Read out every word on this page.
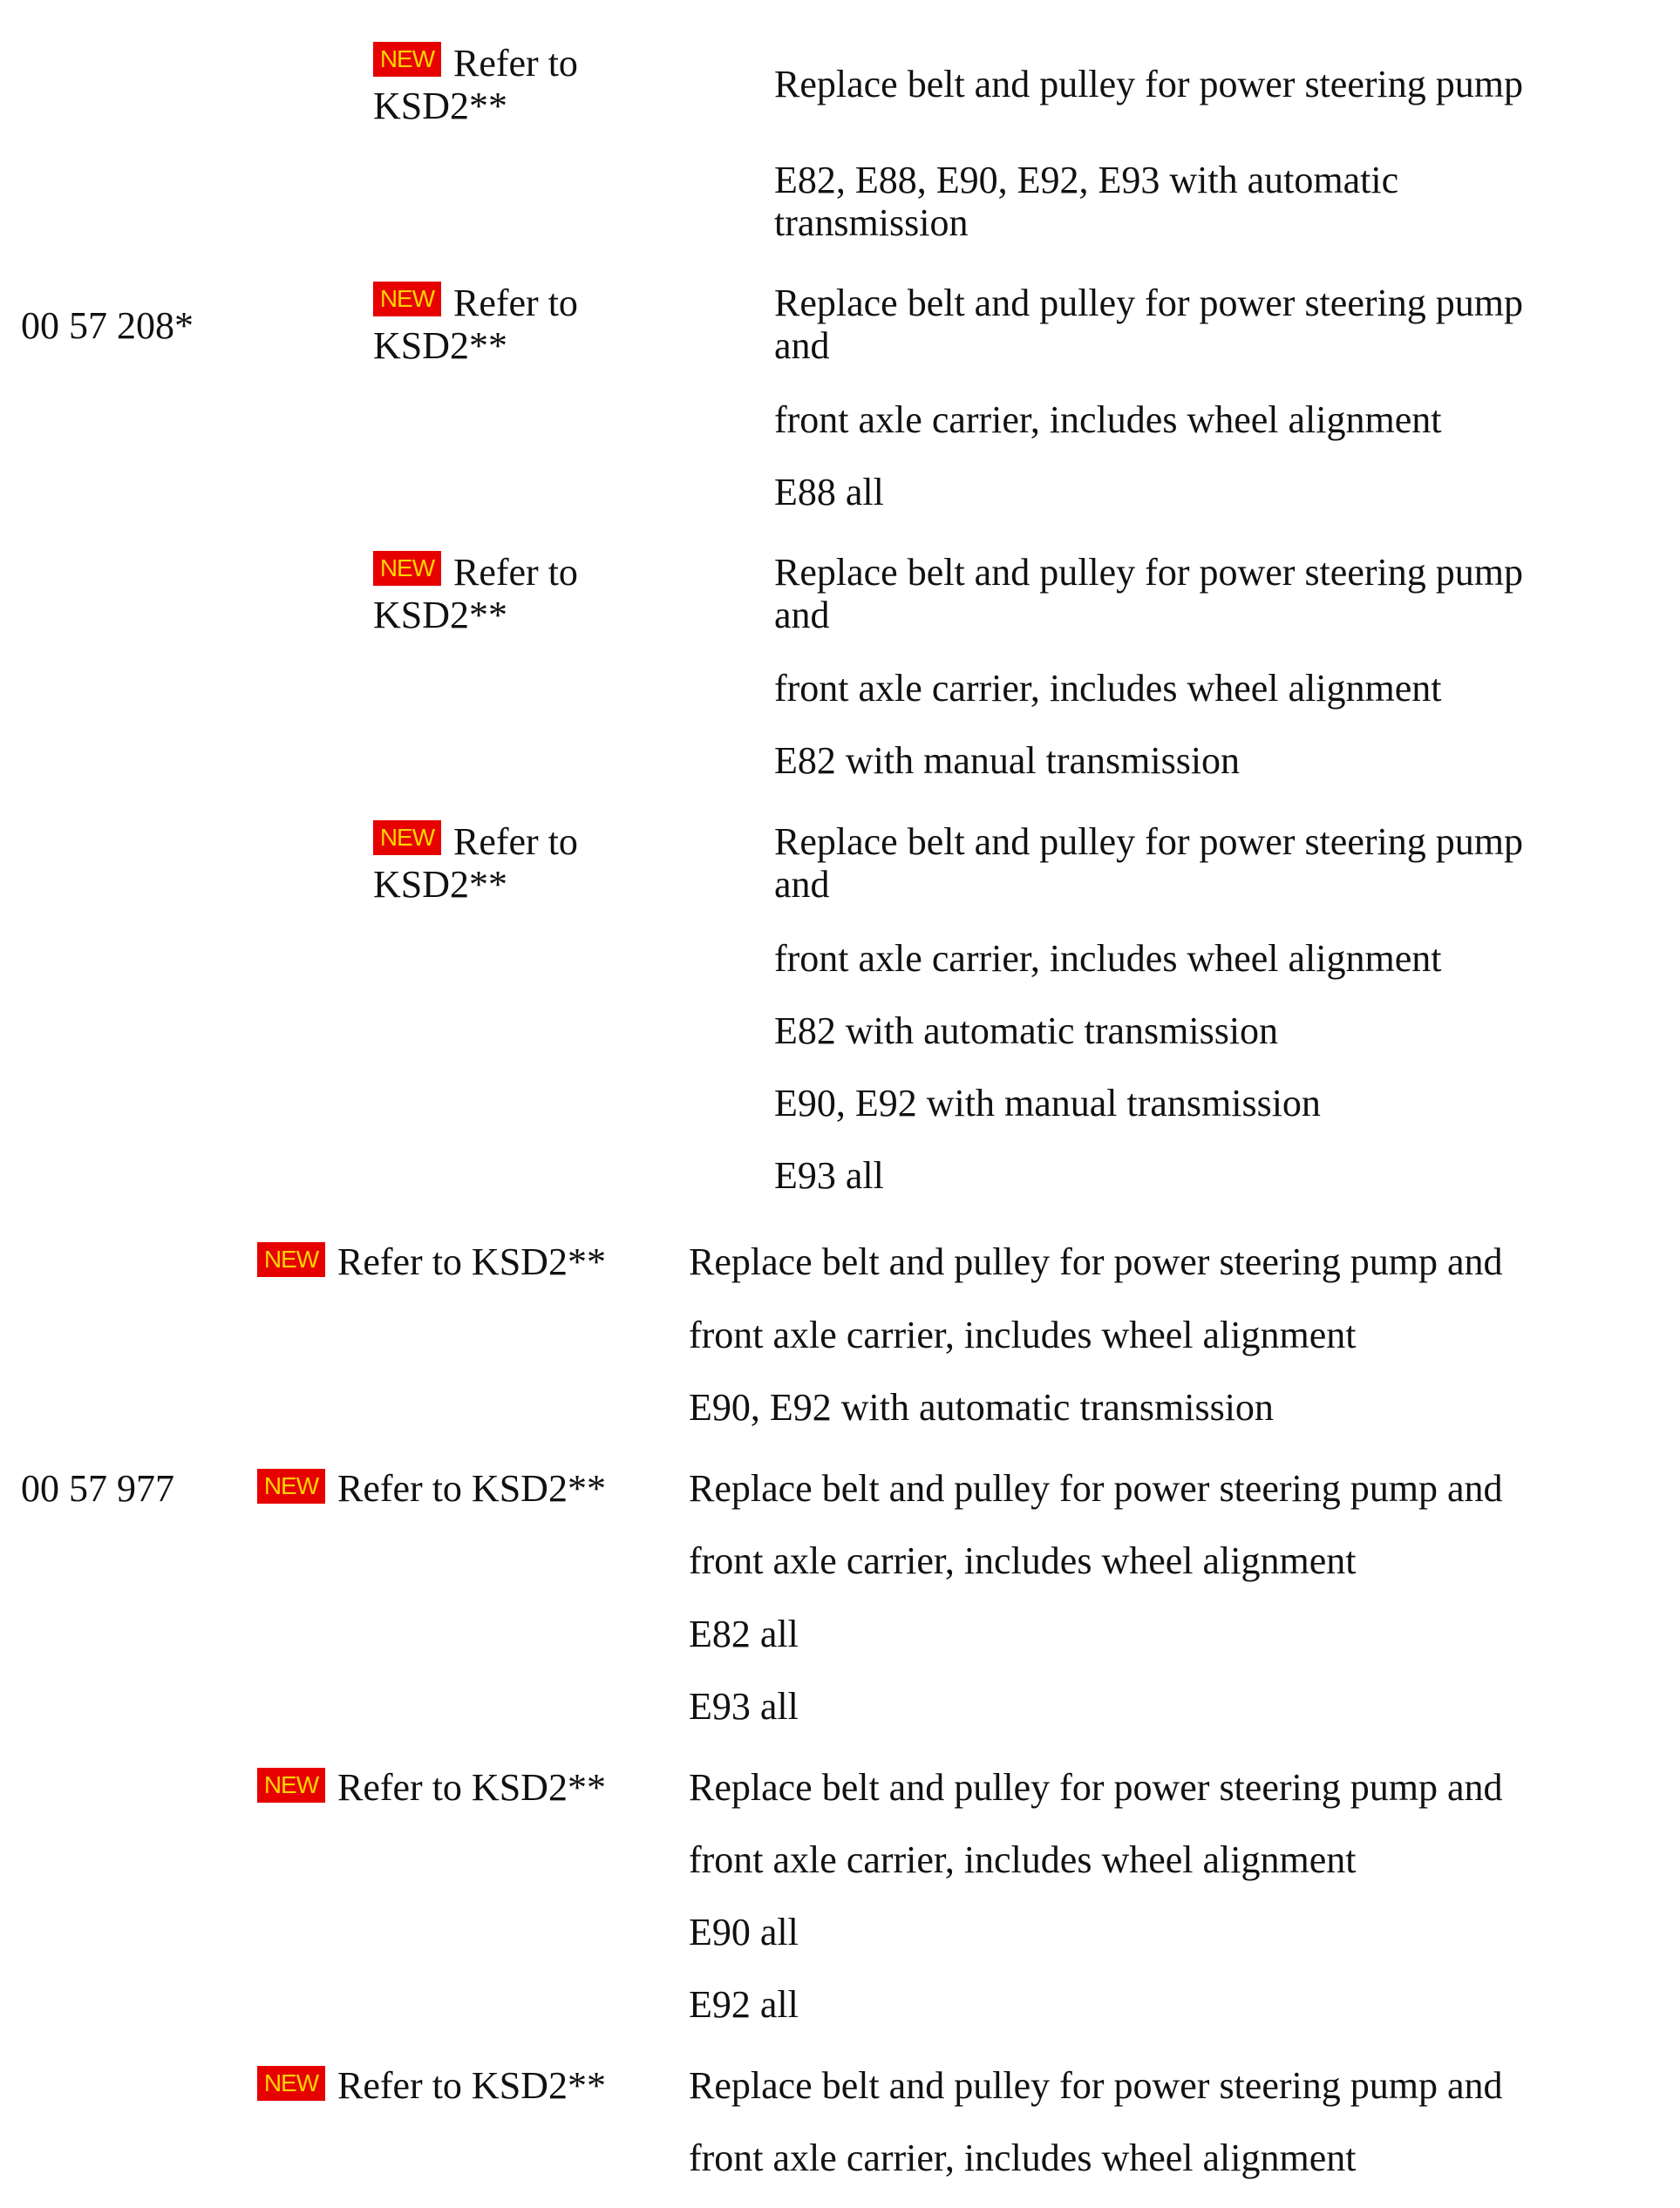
NEW Refer to
KSD2**
Replace belt and pulley for power steering pump
E82, E88, E90, E92, E93 with automatic
transmission
00 57 208*
NEW Refer to
KSD2**
Replace belt and pulley for power steering pump
and
front axle carrier, includes wheel alignment
E88 all
NEW Refer to
KSD2**
Replace belt and pulley for power steering pump
and
front axle carrier, includes wheel alignment
E82 with manual transmission
NEW Refer to
KSD2**
Replace belt and pulley for power steering pump
and
front axle carrier, includes wheel alignment
E82 with automatic transmission
E90, E92 with manual transmission
E93 all
NEW Refer to KSD2** Replace belt and pulley for power steering pump and
front axle carrier, includes wheel alignment
E90, E92 with automatic transmission
00 57 977	NEW Refer to KSD2** Replace belt and pulley for power steering pump and
front axle carrier, includes wheel alignment
E82 all
E93 all
NEW Refer to KSD2** Replace belt and pulley for power steering pump and
front axle carrier, includes wheel alignment
E90 all
E92 all
NEW Refer to KSD2** Replace belt and pulley for power steering pump and
front axle carrier, includes wheel alignment
